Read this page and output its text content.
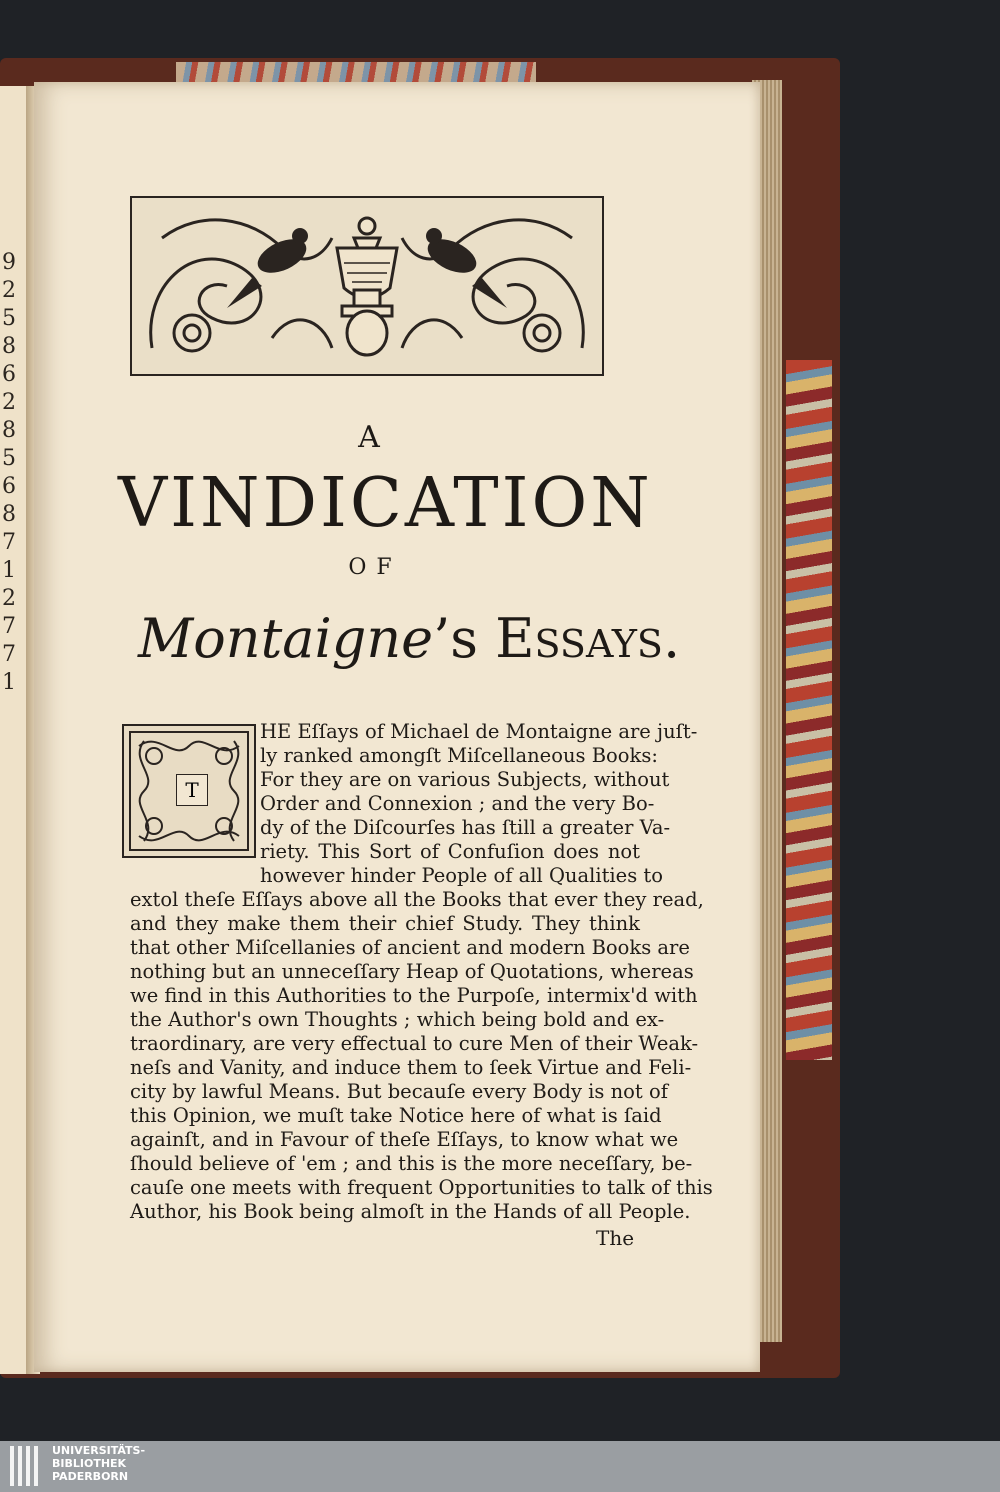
9
2
5
8
6
2
8
5
6
8
7
1
2
7
7
1
A
VINDICATION
OF
Montaigne’s Essays.
T
HE Eſſays of Michael de Montaigne are juſt-
ly ranked amongſt Miſcellaneous Books:
For they are on various Subjects, without
Order and Connexion ; and the very Bo-
dy of the Diſcourſes has ſtill a greater Va-
riety. This Sort of Confuſion does not
however hinder People of all Qualities to
extol theſe Eſſays above all the Books that ever they read,
and they make them their chief Study. They think
that other Miſcellanies of ancient and modern Books are
nothing but an unneceſſary Heap of Quotations, whereas
we find in this Authorities to the Purpoſe, intermix'd with
the Author's own Thoughts ; which being bold and ex-
traordinary, are very effectual to cure Men of their Weak-
neſs and Vanity, and induce them to ſeek Virtue and Feli-
city by lawful Means. But becauſe every Body is not of
this Opinion, we muſt take Notice here of what is ſaid
againſt, and in Favour of theſe Eſſays, to know what we
ſhould believe of 'em ; and this is the more neceſſary, be-
cauſe one meets with frequent Opportunities to talk of this
Author, his Book being almoſt in the Hands of all People.
The
UNIVERSITÄTS-
BIBLIOTHEK
PADERBORN
